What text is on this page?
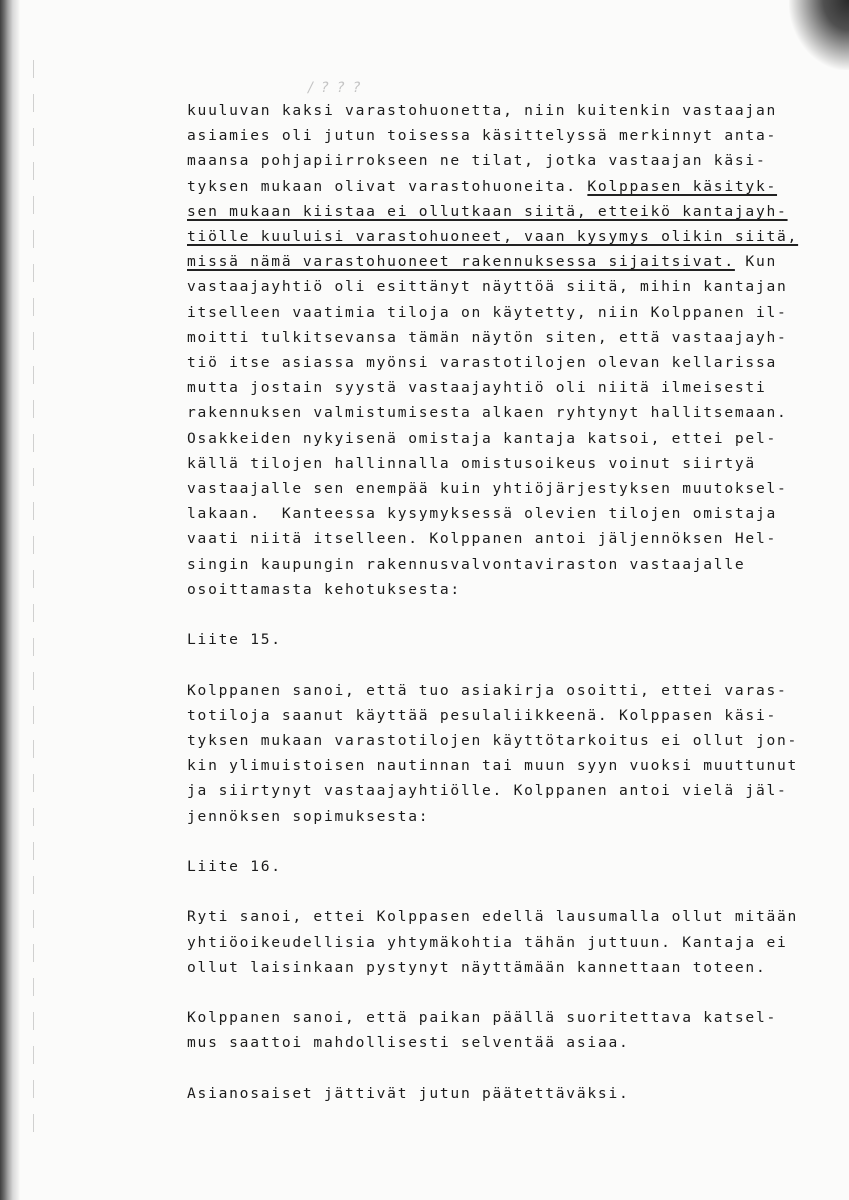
/ ? ? ?
kuuluvan kaksi varastohuonetta, niin kuitenkin vastaajan
asiamies oli jutun toisessa käsittelyssä merkinnyt anta-
maansa pohjapiirrokseen ne tilat, jotka vastaajan käsi-
tyksen mukaan olivat varastohuoneita. Kolppasen käsityk-
sen mukaan kiistaa ei ollutkaan siitä, etteikö kantajayh-
tiölle kuuluisi varastohuoneet, vaan kysymys olikin siitä,
missä nämä varastohuoneet rakennuksessa sijaitsivat. Kun
vastaajayhtiö oli esittänyt näyttöä siitä, mihin kantajan
itselleen vaatimia tiloja on käytetty, niin Kolppanen il-
moitti tulkitsevansa tämän näytön siten, että vastaajayh-
tiö itse asiassa myönsi varastotilojen olevan kellarissa
mutta jostain syystä vastaajayhtiö oli niitä ilmeisesti
rakennuksen valmistumisesta alkaen ryhtynyt hallitsemaan.
Osakkeiden nykyisenä omistaja kantaja katsoi, ettei pel-
källä tilojen hallinnalla omistusoikeus voinut siirtyä
vastaajalle sen enempää kuin yhtiöjärjestyksen muutoksel-
lakaan.  Kanteessa kysymyksessä olevien tilojen omistaja
vaati niitä itselleen. Kolppanen antoi jäljennöksen Hel-
singin kaupungin rakennusvalvontaviraston vastaajalle
osoittamasta kehotuksesta:
Liite 15.
Kolppanen sanoi, että tuo asiakirja osoitti, ettei varas-
totiloja saanut käyttää pesulaliikkeenä. Kolppasen käsi-
tyksen mukaan varastotilojen käyttötarkoitus ei ollut jon-
kin ylimuistoisen nautinnan tai muun syyn vuoksi muuttunut
ja siirtynyt vastaajayhtiölle. Kolppanen antoi vielä jäl-
jennöksen sopimuksesta:
Liite 16.
Ryti sanoi, ettei Kolppasen edellä lausumalla ollut mitään
yhtiöoikeudellisia yhtymäkohtia tähän juttuun. Kantaja ei
ollut laisinkaan pystynyt näyttämään kannettaan toteen.
Kolppanen sanoi, että paikan päällä suoritettava katsel-
mus saattoi mahdollisesti selventää asiaa.
Asianosaiset jättivät jutun päätettäväksi.
